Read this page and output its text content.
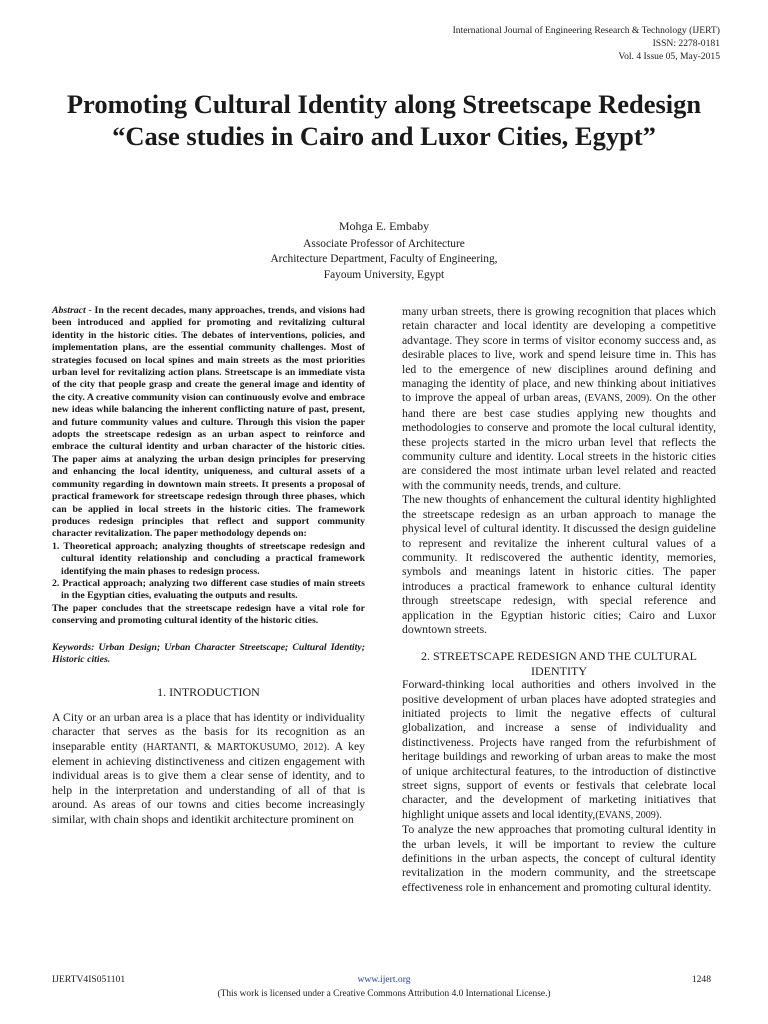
International Journal of Engineering Research & Technology (IJERT)
ISSN: 2278-0181
Vol. 4 Issue 05, May-2015
Promoting Cultural Identity along Streetscape Redesign “Case studies in Cairo and Luxor Cities, Egypt”
Mohga E. Embaby
Associate Professor of Architecture
Architecture Department, Faculty of Engineering,
Fayoum University, Egypt

Abstract - In the recent decades, many approaches, trends, and visions had been introduced and applied for promoting and revitalizing cultural identity in the historic cities. The debates of interventions, policies, and implementation plans, are the essential community challenges. Most of strategies focused on local spines and main streets as the most priorities urban level for revitalizing action plans. Streetscape is an immediate vista of the city that people grasp and create the general image and identity of the city. A creative community vision can continuously evolve and embrace new ideas while balancing the inherent conflicting nature of past, present, and future community values and culture. Through this vision the paper adopts the streetscape redesign as an urban aspect to reinforce and embrace the cultural identity and urban character of the historic cities. The paper aims at analyzing the urban design principles for preserving and enhancing the local identity, uniqueness, and cultural assets of a community regarding in downtown main streets. It presents a proposal of practical framework for streetscape redesign through three phases, which can be applied in local streets in the historic cities. The framework produces redesign principles that reflect and support community character revitalization. The paper methodology depends on:

1. Theoretical approach; analyzing thoughts of streetscape redesign and cultural identity relationship and concluding a practical framework identifying the main phases to redesign process.
2. Practical approach; analyzing two different case studies of main streets in the Egyptian cities, evaluating the outputs and results.

The paper concludes that the streetscape redesign have a vital role for conserving and promoting cultural identity of the historic cities.

Keywords: Urban Design; Urban Character Streetscape; Cultural Identity; Historic cities.

1. INTRODUCTION

A City or an urban area is a place that has identity or individuality character that serves as the basis for its recognition as an inseparable entity (HARTANTI, & MARTOKUSUMO, 2012). A key element in achieving distinctiveness and citizen engagement with individual areas is to give them a clear sense of identity, and to help in the interpretation and understanding of all of that is around. As areas of our towns and cities become increasingly similar, with chain shops and identikit architecture prominent on

many urban streets, there is growing recognition that places which retain character and local identity are developing a competitive advantage. They score in terms of visitor economy success and, as desirable places to live, work and spend leisure time in. This has led to the emergence of new disciplines around defining and managing the identity of place, and new thinking about initiatives to improve the appeal of urban areas, (EVANS, 2009). On the other hand there are best case studies applying new thoughts and methodologies to conserve and promote the local cultural identity, these projects started in the micro urban level that reflects the community culture and identity. Local streets in the historic cities are considered the most intimate urban level related and reacted with the community needs, trends, and culture.

The new thoughts of enhancement the cultural identity highlighted the streetscape redesign as an urban approach to manage the physical level of cultural identity. It discussed the design guideline to represent and revitalize the inherent cultural values of a community. It rediscovered the authentic identity, memories, symbols and meanings latent in historic cities. The paper introduces a practical framework to enhance cultural identity through streetscape redesign, with special reference and application in the Egyptian historic cities; Cairo and Luxor downtown streets.

2. STREETSCAPE REDESIGN AND THE CULTURAL IDENTITY

Forward-thinking local authorities and others involved in the positive development of urban places have adopted strategies and initiated projects to limit the negative effects of cultural globalization, and increase a sense of individuality and distinctiveness. Projects have ranged from the refurbishment of heritage buildings and reworking of urban areas to make the most of unique architectural features, to the introduction of distinctive street signs, support of events or festivals that celebrate local character, and the development of marketing initiatives that highlight unique assets and local identity,(EVANS, 2009).

To analyze the new approaches that promoting cultural identity in the urban levels, it will be important to review the culture definitions in the urban aspects, the concept of cultural identity revitalization in the modern community, and the streetscape effectiveness role in enhancement and promoting cultural identity.

IJERTV4IS051101	www.ijert.org	1248
(This work is licensed under a Creative Commons Attribution 4.0 International License.)
